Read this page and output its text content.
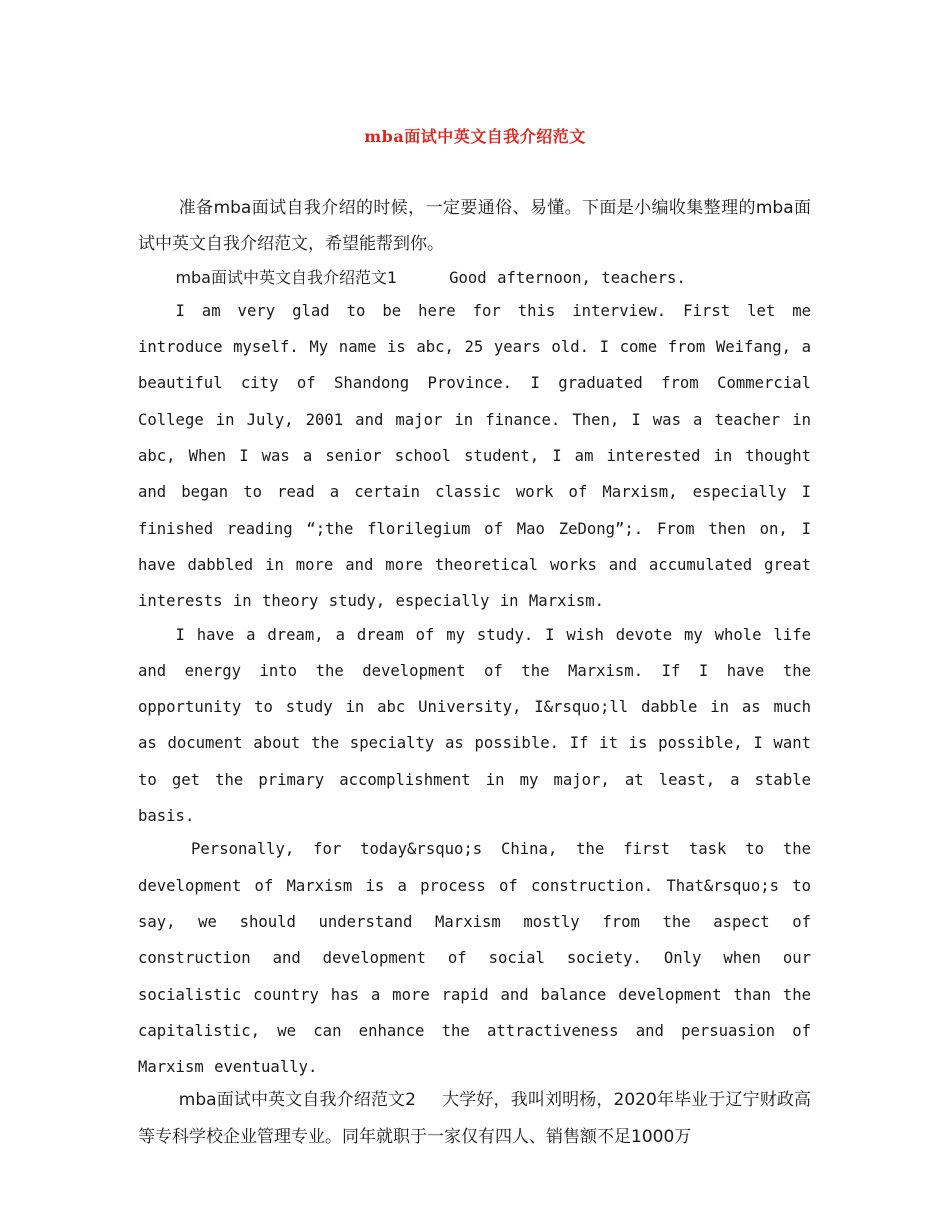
mba面试中英文自我介绍范文

准备mba面试自我介绍的时候，一定要通俗、易懂。下面是小编收集整理的mba面试中英文自我介绍范文，希望能帮到你。

mba面试中英文自我介绍范文1	Good afternoon, teachers.

I am very glad to be here for this interview. First let me introduce myself. My name is abc, 25 years old. I come from Weifang, a beautiful city of Shandong Province. I graduated from Commercial College in July, 2001 and major in finance. Then, I was a teacher in abc, When I was a senior school student, I am interested in thought and began to read a certain classic work of Marxism, especially I finished reading “;the florilegium of Mao ZeDong”;. From then on, I have dabbled in more and more theoretical works and accumulated great interests in theory study, especially in Marxism.

I have a dream, a dream of my study. I wish devote my whole life and energy into the development of the Marxism. If I have the opportunity to study in abc University, I&rsquo;ll dabble in as much as document about the specialty as possible. If it is possible, I want to get the primary accomplishment in my major, at least, a stable basis.

Personally, for today&rsquo;s China, the first task to the development of Marxism is a process of construction. That&rsquo;s to say, we should understand Marxism mostly from the aspect of construction and development of social society. Only when our socialistic country has a more rapid and balance development than the capitalistic, we can enhance the attractiveness and persuasion of Marxism eventually.

mba面试中英文自我介绍范文2 大学好，我叫刘明杨，2020年毕业于辽宁财政高等专科学校企业管理专业。同年就职于一家仅有四人、销售额不足1000万
